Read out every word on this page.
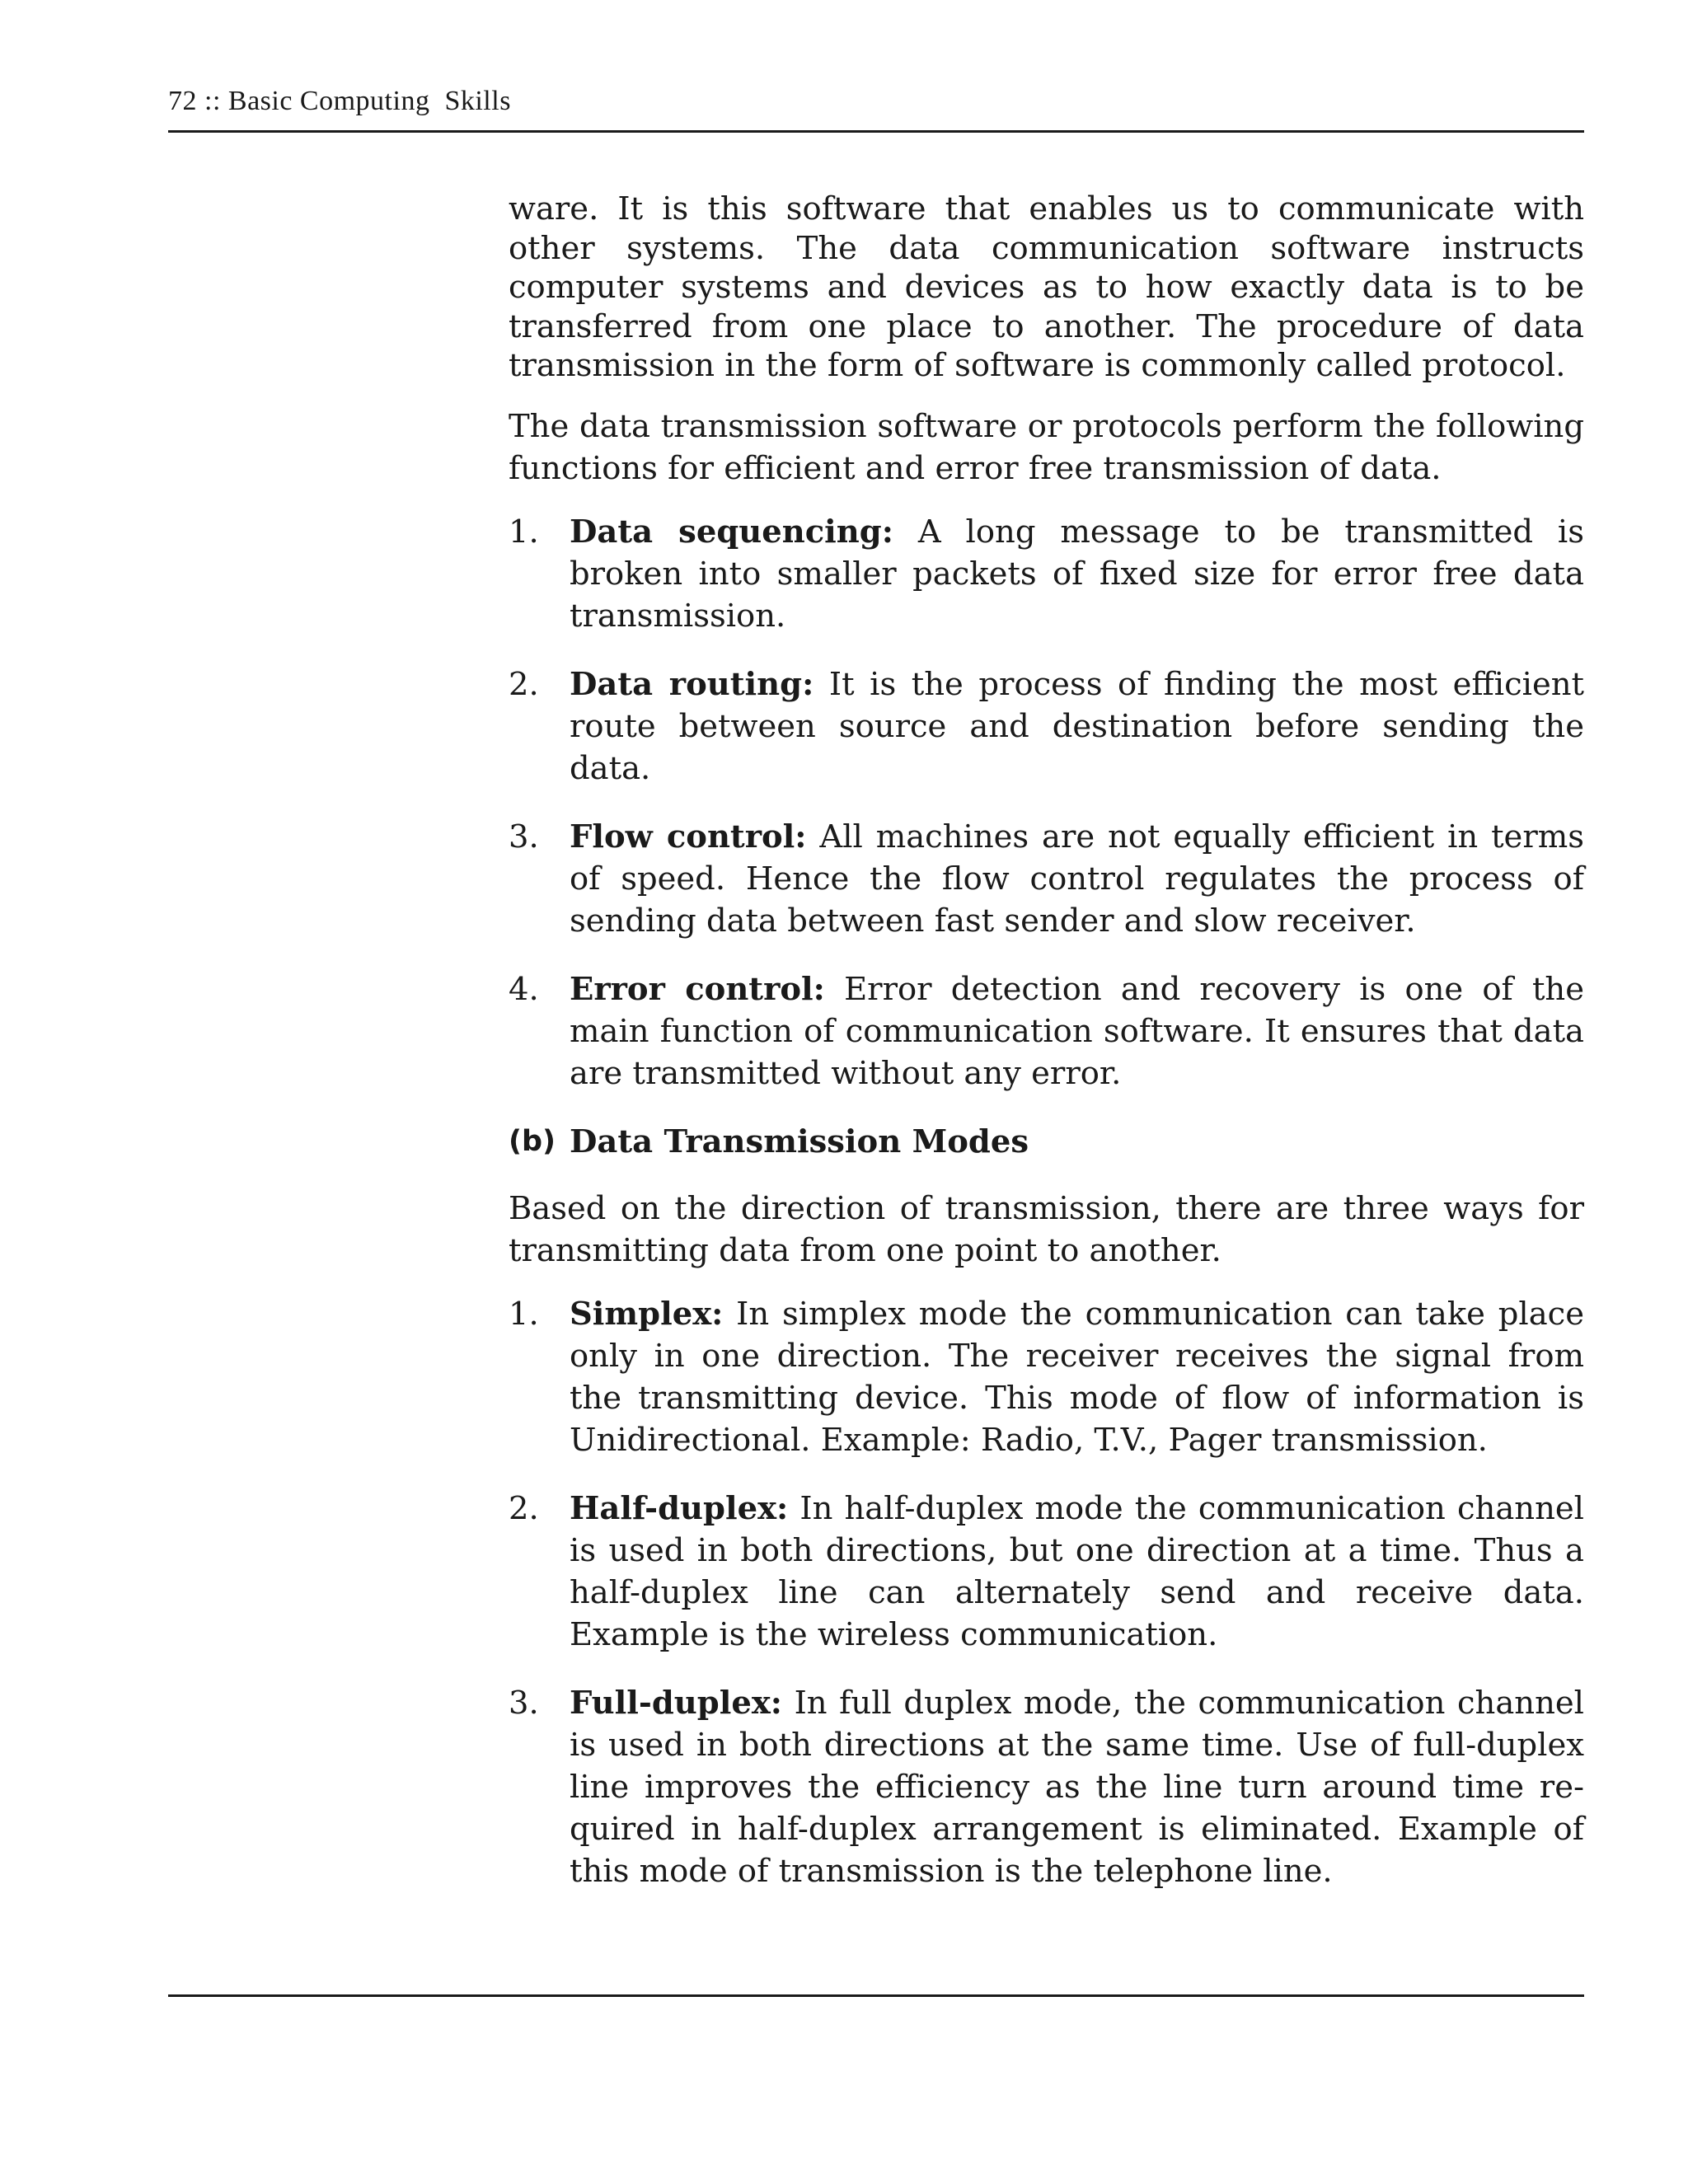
72 :: Basic Computing  Skills

ware. It is this software that enables us to communicate with other systems. The data communication software instructs computer systems and devices as to how exactly data is to be transferred from one place to another. The procedure of data transmission in the form of software is commonly called protocol.

The data transmission software or protocols perform the following functions for efficient and error free transmission of data.

1. Data sequencing: A long message to be transmitted is broken into smaller packets of fixed size for error free data transmission.
2. Data routing: It is the process of finding the most efficient route between source and destination before sending the data.
3. Flow control: All machines are not equally efficient in terms of speed. Hence the flow control regulates the process of sending data between fast sender and slow receiver.
4. Error control: Error detection and recovery is one of the main function of communication software. It ensures that data are transmitted without any error.
(b) Data Transmission Modes

Based on the direction of transmission, there are three ways for transmitting data from one point to another.

1. Simplex: In simplex mode the communication can take place only in one direction. The receiver receives the signal from the transmitting device. This mode of flow of information is Unidirectional. Example: Radio, T.V., Pager transmission.
2. Half-duplex: In half-duplex mode the communication channel is used in both directions, but one direction at a time. Thus a half-duplex line can alternately send and receive data. Example is the wireless communication.
3. Full-duplex: In full duplex mode, the communication channel is used in both directions at the same time. Use of full-duplex line improves the efficiency as the line turn around time required in half-duplex arrangement is eliminated. Example of this mode of transmission is the telephone line.
